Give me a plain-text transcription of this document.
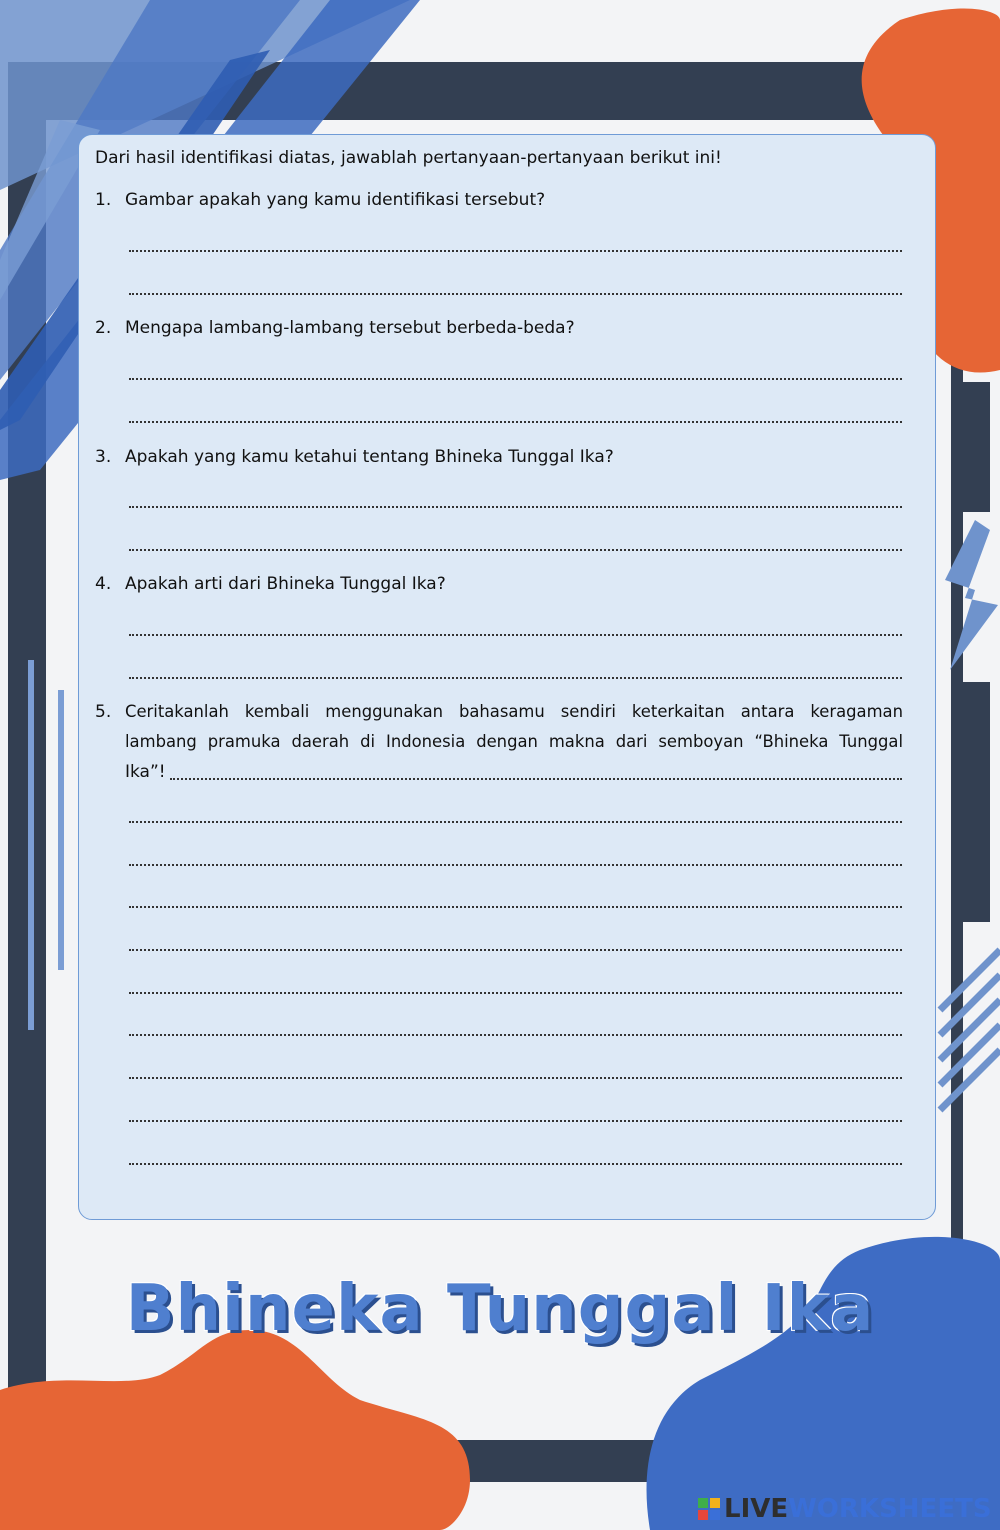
Dari hasil identifikasi diatas, jawablah pertanyaan-pertanyaan berikut ini!
1. Gambar apakah yang kamu identifikasi tersebut?
2. Mengapa lambang-lambang tersebut berbeda-beda?
3. Apakah yang kamu ketahui tentang Bhineka Tunggal Ika?
4. Apakah arti dari Bhineka Tunggal Ika?
5. Ceritakanlah kembali menggunakan bahasamu sendiri keterkaitan antara keragaman
lambang pramuka daerah di Indonesia dengan makna dari semboyan “Bhineka Tunggal
Ika”!
Bhineka Tunggal Ika
LIVE WORKSHEETS
